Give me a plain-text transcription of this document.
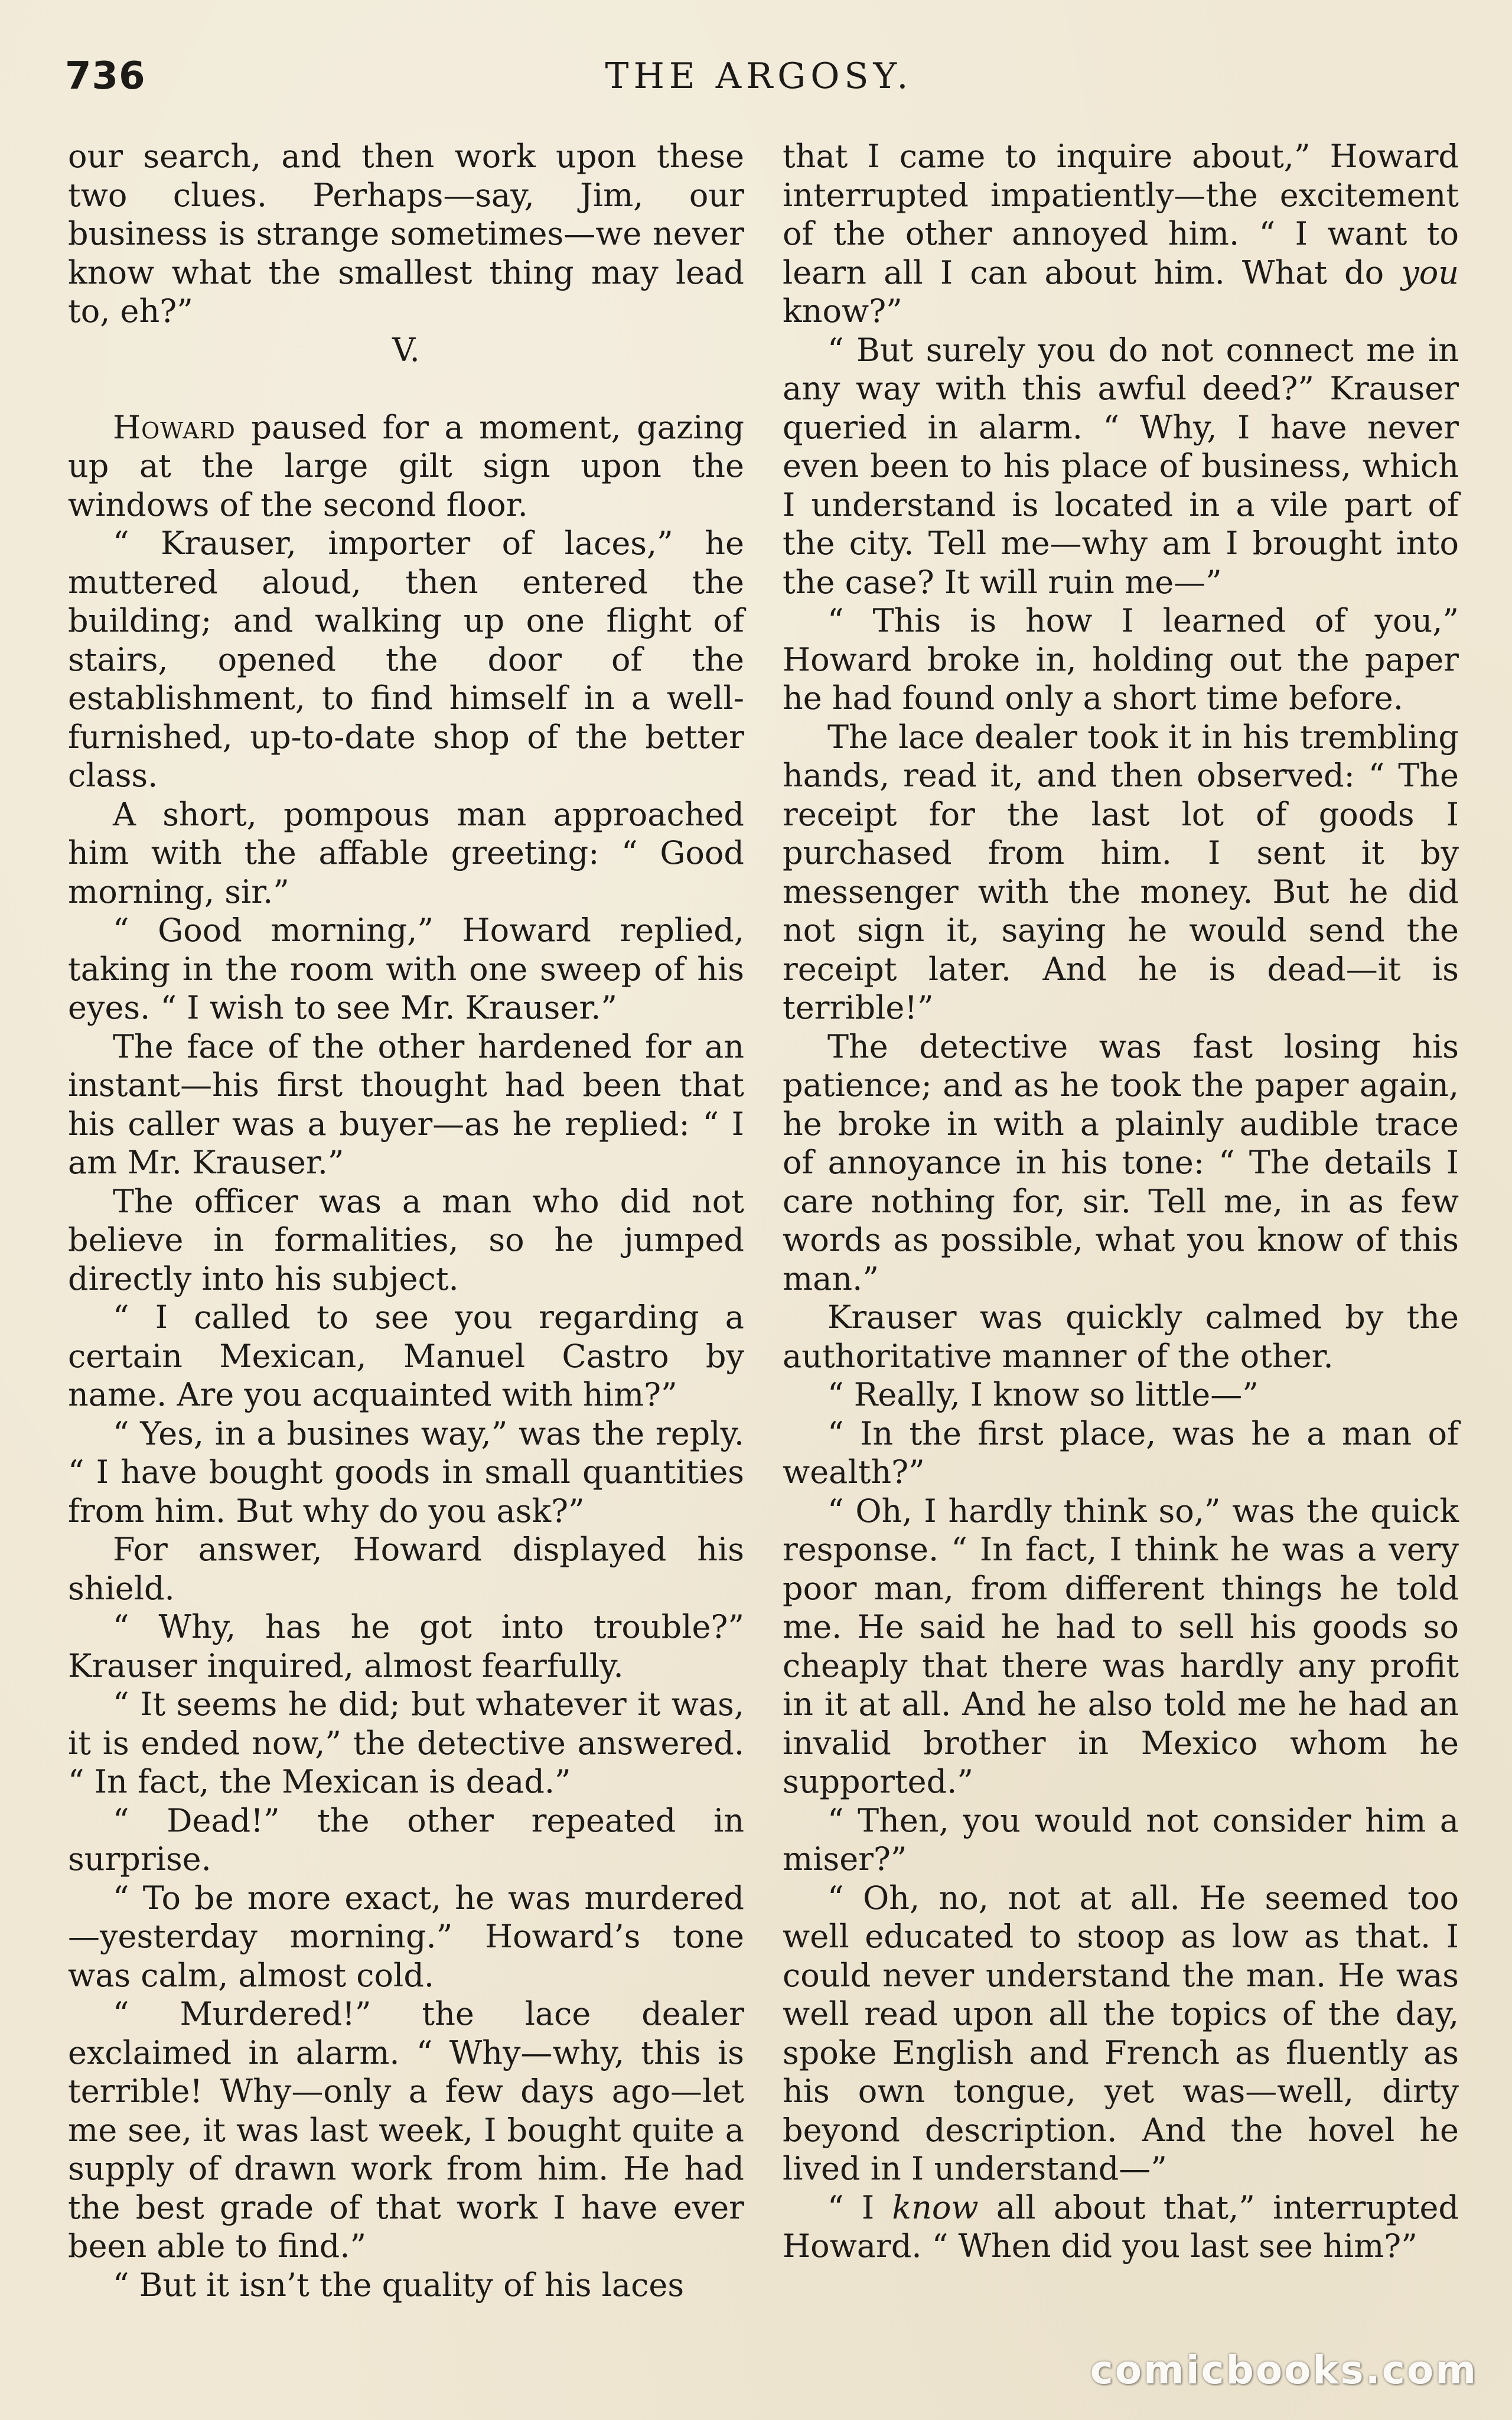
736	THE ARGOSY.

our search, and then work upon these two clues. Perhaps—say, Jim, our business is strange sometimes—we never know what the smallest thing may lead to, eh?”

V.

Howard paused for a moment, gazing up at the large gilt sign upon the windows of the second floor.

“ Krauser, importer of laces,” he muttered aloud, then entered the building; and walking up one flight of stairs, opened the door of the establishment, to find himself in a well-furnished, up-to-date shop of the better class.

A short, pompous man approached him with the affable greeting: “ Good morning, sir.”

“ Good morning,” Howard replied, taking in the room with one sweep of his eyes. “ I wish to see Mr. Krauser.”

The face of the other hardened for an instant—his first thought had been that his caller was a buyer—as he replied: “ I am Mr. Krauser.”

The officer was a man who did not believe in formalities, so he jumped directly into his subject.

“ I called to see you regarding a certain Mexican, Manuel Castro by name. Are you acquainted with him?”

“ Yes, in a busines way,” was the reply. “ I have bought goods in small quantities from him. But why do you ask?”

For answer, Howard displayed his shield.

“ Why, has he got into trouble?” Krauser inquired, almost fearfully.

“ It seems he did; but whatever it was, it is ended now,” the detective answered. “ In fact, the Mexican is dead.”

“ Dead!” the other repeated in surprise.

“ To be more exact, he was murdered—yesterday morning.” Howard’s tone was calm, almost cold.

“ Murdered!” the lace dealer exclaimed in alarm. “ Why—why, this is terrible! Why—only a few days ago—let me see, it was last week, I bought quite a supply of drawn work from him. He had the best grade of that work I have ever been able to find.”

“ But it isn’t the quality of his laces

that I came to inquire about,” Howard interrupted impatiently—the excitement of the other annoyed him. “ I want to learn all I can about him. What do you know?”

“ But surely you do not connect me in any way with this awful deed?” Krauser queried in alarm. “ Why, I have never even been to his place of business, which I understand is located in a vile part of the city. Tell me—why am I brought into the case? It will ruin me—”

“ This is how I learned of you,” Howard broke in, holding out the paper he had found only a short time before.

The lace dealer took it in his trembling hands, read it, and then observed: “ The receipt for the last lot of goods I purchased from him. I sent it by messenger with the money. But he did not sign it, saying he would send the receipt later. And he is dead—it is terrible!”

The detective was fast losing his patience; and as he took the paper again, he broke in with a plainly audible trace of annoyance in his tone: “ The details I care nothing for, sir. Tell me, in as few words as possible, what you know of this man.”

Krauser was quickly calmed by the authoritative manner of the other.

“ Really, I know so little—”

“ In the first place, was he a man of wealth?”

“ Oh, I hardly think so,” was the quick response. “ In fact, I think he was a very poor man, from different things he told me. He said he had to sell his goods so cheaply that there was hardly any profit in it at all. And he also told me he had an invalid brother in Mexico whom he supported.”

“ Then, you would not consider him a miser?”

“ Oh, no, not at all. He seemed too well educated to stoop as low as that. I could never understand the man. He was well read upon all the topics of the day, spoke English and French as fluently as his own tongue, yet was—well, dirty beyond description. And the hovel he lived in I understand—”

“ I know all about that,” interrupted Howard. “ When did you last see him?”

comicbooks.com
